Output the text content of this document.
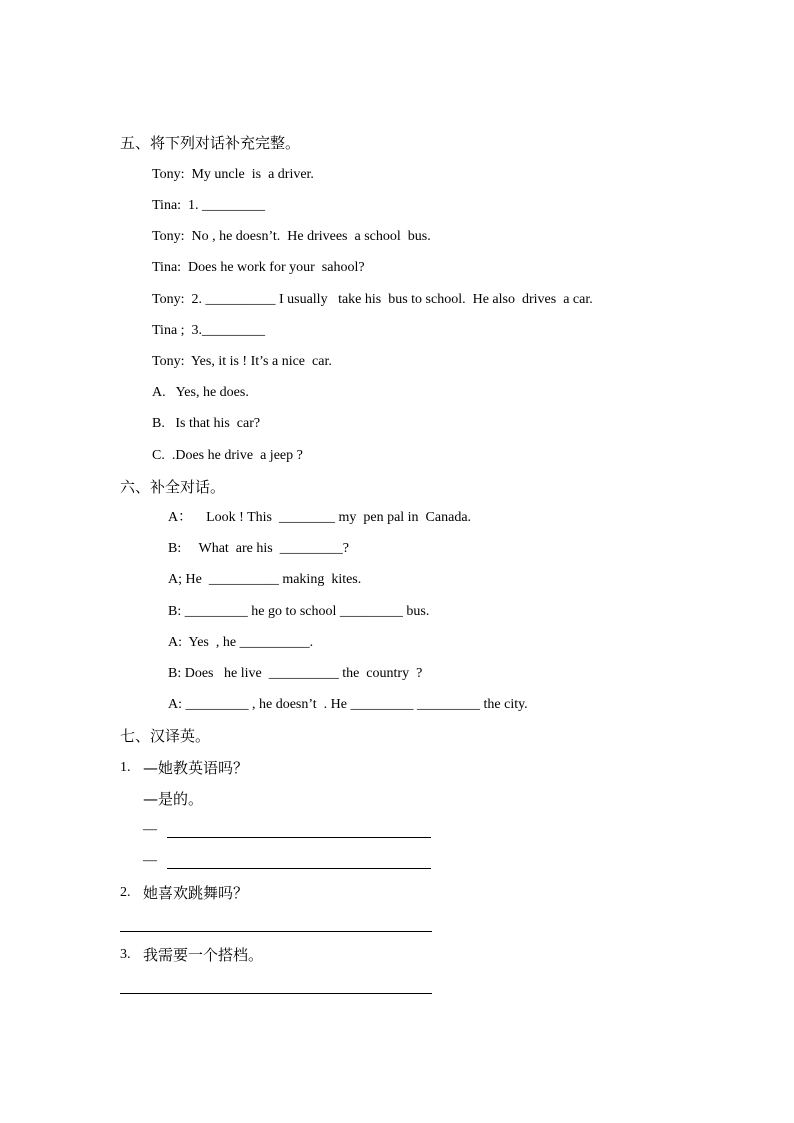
五、将下列对话补充完整。
Tony:  My uncle  is  a driver.
Tina:  1. _________
Tony:  No , he doesn’t.  He drivees  a school  bus.
Tina:  Does he work for your  sahool?
Tony:  2. __________ I usually   take his  bus to school.  He also  drives  a car.
Tina ;  3._________
Tony:  Yes, it is ! It’s a nice  car.
A.   Yes, he does.
B.   Is that his  car?
C.  .Does he drive  a jeep ?
六、补全对话。
A：    Look ! This  ________ my  pen pal in  Canada.
B:     What  are his  _________?
A; He  __________ making  kites.
B: _________ he go to school _________ bus.
A:  Yes  , he __________.
B: Does   he live  __________ the  country  ?
A: _________ , he doesn’t  . He _________ _________ the city.
七、汉译英。
1. —她教英语吗？
—是的。
—
—
2. 她喜欢跳舞吗？
3. 我需要一个搭档。
